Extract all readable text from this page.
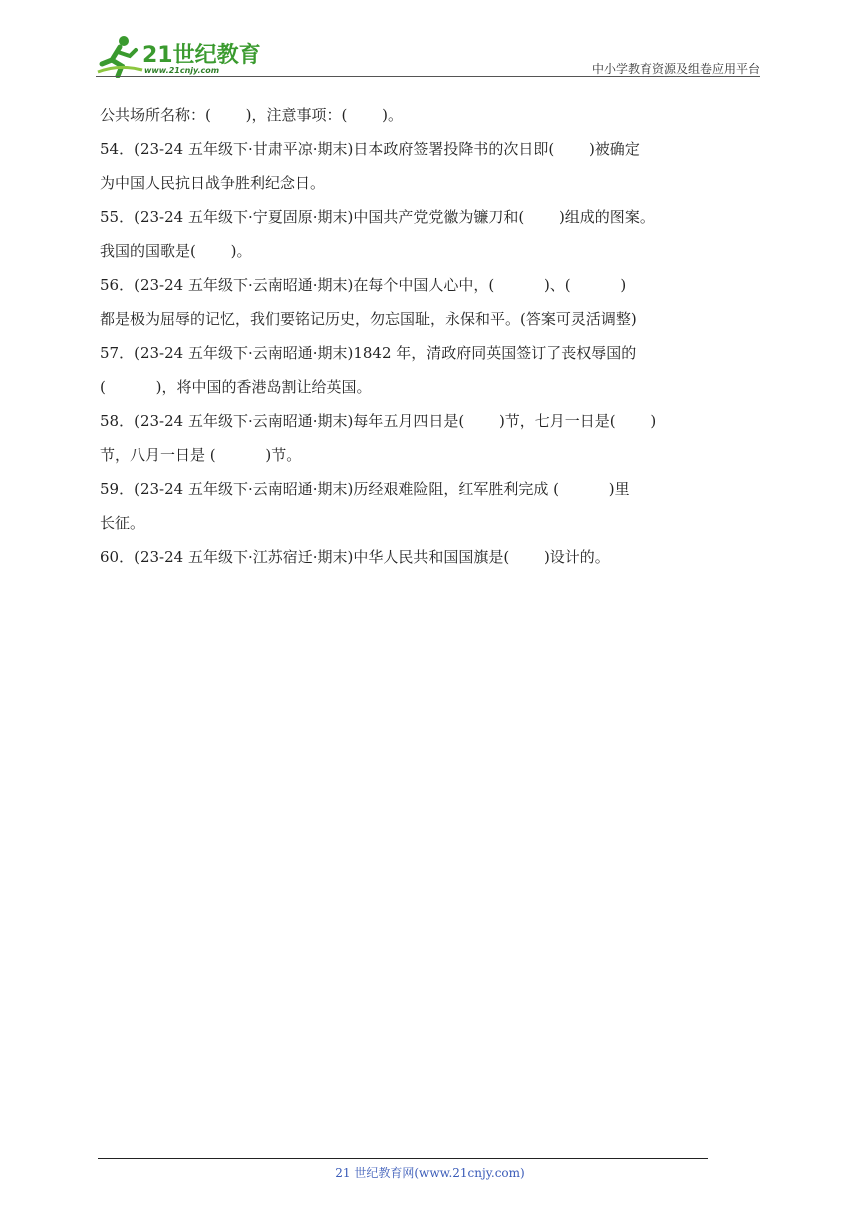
21世纪教育
www.21cnjy.com	中小学教育资源及组卷应用平台
公共场所名称：(　　 )，注意事项：(　　 )。
54．(23-24 五年级下·甘肃平凉·期末)日本政府签署投降书的次日即(　　 )被确定
为中国人民抗日战争胜利纪念日。
55．(23-24 五年级下·宁夏固原·期末)中国共产党党徽为镰刀和(　　 )组成的图案。
我国的国歌是(　　 )。
56．(23-24 五年级下·云南昭通·期末)在每个中国人心中，(　　　 )、(　　　 )
都是极为屈辱的记忆，我们要铭记历史，勿忘国耻，永保和平。(答案可灵活调整)
57．(23-24 五年级下·云南昭通·期末)1842 年，清政府同英国签订了丧权辱国的
(　　　 )，将中国的香港岛割让给英国。
58．(23-24 五年级下·云南昭通·期末)每年五月四日是(　　 )节，七月一日是(　　 )
节，八月一日是 (　　　 )节。
59．(23-24 五年级下·云南昭通·期末)历经艰难险阻，红军胜利完成 (　　　 )里
长征。
60．(23-24 五年级下·江苏宿迁·期末)中华人民共和国国旗是(　　 )设计的。
21 世纪教育网(www.21cnjy.com)
